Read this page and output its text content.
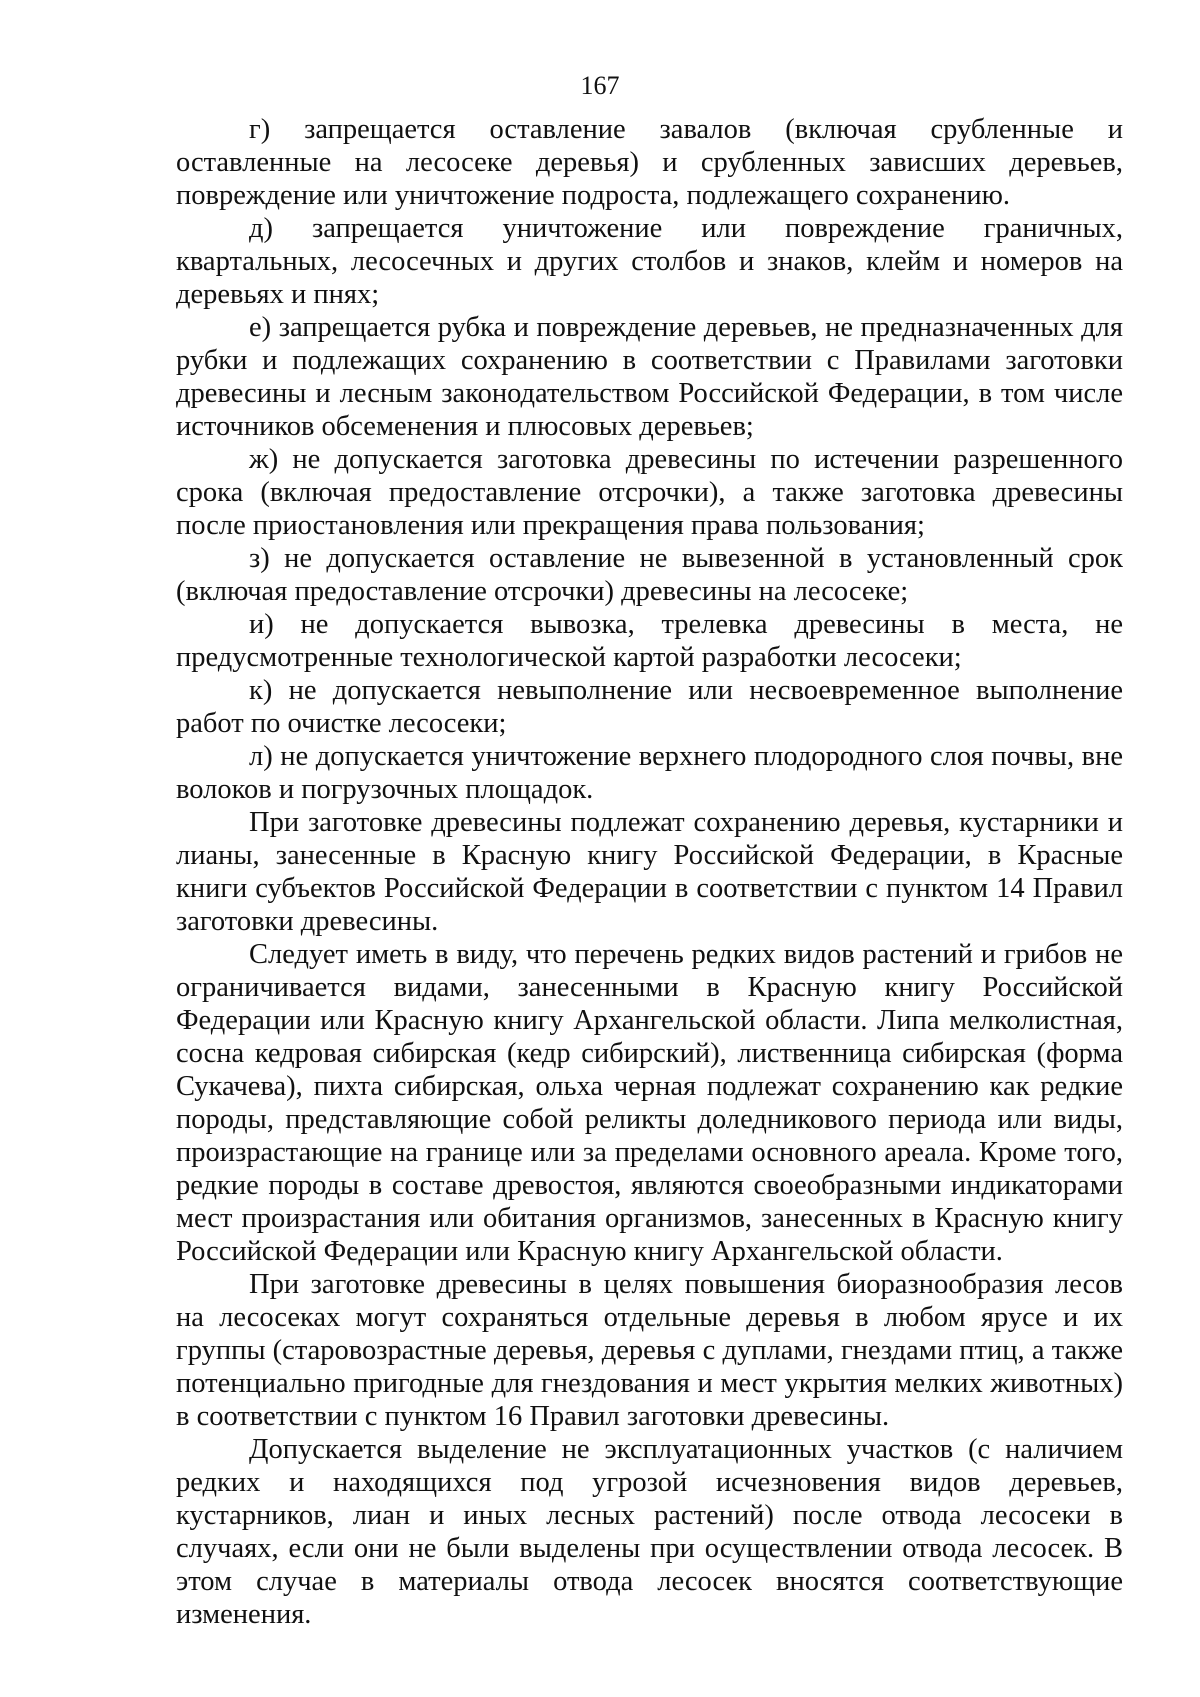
167

г) запрещается оставление завалов (включая срубленные и оставленные на лесосеке деревья) и срубленных зависших деревьев, повреждение или уничтожение подроста, подлежащего сохранению.

д) запрещается уничтожение или повреждение граничных, квартальных, лесосечных и других столбов и знаков, клейм и номеров на деревьях и пнях;

е) запрещается рубка и повреждение деревьев, не предназначенных для рубки и подлежащих сохранению в соответствии с Правилами заготовки древесины и лесным законодательством Российской Федерации, в том числе источников обсеменения и плюсовых деревьев;

ж) не допускается заготовка древесины по истечении разрешенного срока (включая предоставление отсрочки), а также заготовка древесины после приостановления или прекращения права пользования;

з) не допускается оставление не вывезенной в установленный срок (включая предоставление отсрочки) древесины на лесосеке;

и) не допускается вывозка, трелевка древесины в места, не предусмотренные технологической картой разработки лесосеки;

к) не допускается невыполнение или несвоевременное выполнение работ по очистке лесосеки;

л) не допускается уничтожение верхнего плодородного слоя почвы, вне волоков и погрузочных площадок.

При заготовке древесины подлежат сохранению деревья, кустарники и лианы, занесенные в Красную книгу Российской Федерации, в Красные книги субъектов Российской Федерации в соответствии с пунктом 14 Правил заготовки древесины.

Следует иметь в виду, что перечень редких видов растений и грибов не ограничивается видами, занесенными в Красную книгу Российской Федерации или Красную книгу Архангельской области. Липа мелколистная, сосна кедровая сибирская (кедр сибирский), лиственница сибирская (форма Сукачева), пихта сибирская, ольха черная подлежат сохранению как редкие породы, представляющие собой реликты доледникового периода или виды, произрастающие на границе или за пределами основного ареала. Кроме того, редкие породы в составе древостоя, являются своеобразными индикаторами мест произрастания или обитания организмов, занесенных в Красную книгу Российской Федерации или Красную книгу Архангельской области.

При заготовке древесины в целях повышения биоразнообразия лесов на лесосеках могут сохраняться отдельные деревья в любом ярусе и их группы (старовозрастные деревья, деревья с дуплами, гнездами птиц, а также потенциально пригодные для гнездования и мест укрытия мелких животных) в соответствии с пунктом 16 Правил заготовки древесины.

Допускается выделение не эксплуатационных участков (с наличием редких и находящихся под угрозой исчезновения видов деревьев, кустарников, лиан и иных лесных растений) после отвода лесосеки в случаях, если они не были выделены при осуществлении отвода лесосек. В этом случае в материалы отвода лесосек вносятся соответствующие изменения.
